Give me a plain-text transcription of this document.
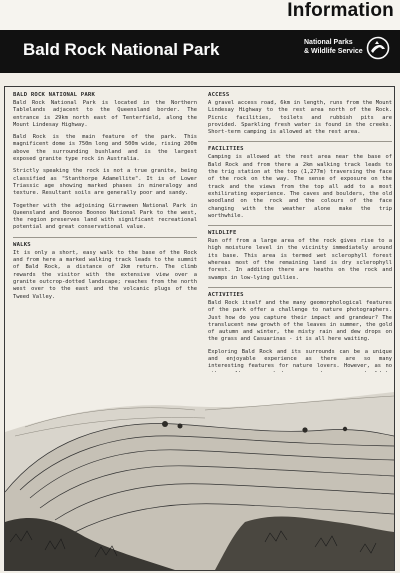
Information
Bald Rock National Park	National Parks
& Wildlife Service
BALD ROCK NATIONAL PARK

Bald Rock National Park is located in the Northern Tablelands adjacent to the Queensland border. The entrance is 29km north east of Tenterfield, along the Mount Lindesay Highway.

Bald Rock is the main feature of the park. This magnificent dome is 750m long and 500m wide, rising 200m above the surrounding bushland and is the largest exposed granite type rock in Australia.

Strictly speaking the rock is not a true granite, being classified as "Stanthorpe Adamellite". It is of Lower Triassic age showing marked phases in mineralogy and texture. Resultant soils are generally poor and sandy.

Together with the adjoining Girraween National Park in Queensland and Boonoo Boonoo National Park to the west, the region preserves land with significant recreational potential and great conservational value.

WALKS

It is only a short, easy walk to the base of the Rock and from here a marked walking track leads to the summit of Bald Rock, a distance of 2km return. The climb rewards the visitor with the extensive view over a granite outcrop-dotted landscape; reaches from the north west over to the east and the volcanic plugs of the Tweed Valley.

ACCESS

A gravel access road, 6km in length, runs from the Mount Lindesay Highway to the rest area north of the Rock. Picnic facilities, toilets and rubbish pits are provided. Sparkling fresh water is found in the creeks. Short-term camping is allowed at the rest area.

FACILITIES

Camping is allowed at the rest area near the base of Bald Rock and from there a 2km walking track leads to the trig station at the top (1,277m) traversing the face of the rock on the way. The sense of exposure on the track and the views from the top all add to a most exhilirating experience. The caves and boulders, the old woodland on the rock and the colours of the face changing with the weather alone make the trip worthwhile.

WILDLIFE

Run off from a large area of the rock gives rise to a high moisture level in the vicinity immediately around its base. This area is termed wet sclerophyll forest whereas most of the remaining land is dry sclerophyll forest. In addition there are heaths on the rock and swamps in low-lying gullies.

ACTIVITIES

Bald Rock itself and the many geomorphological features of the park offer a challenge to nature photographers. Just how do you capture their impact and grandeur? The translucent new growth of the leaves in summer, the gold of autumn and winter, the misty rain and dew drops on the grass and Casuarinas - it is all here waiting.

Exploring Bald Rock and its surrounds can be a unique and enjoyable experience as there are so many interesting features for nature lovers. However, as no
